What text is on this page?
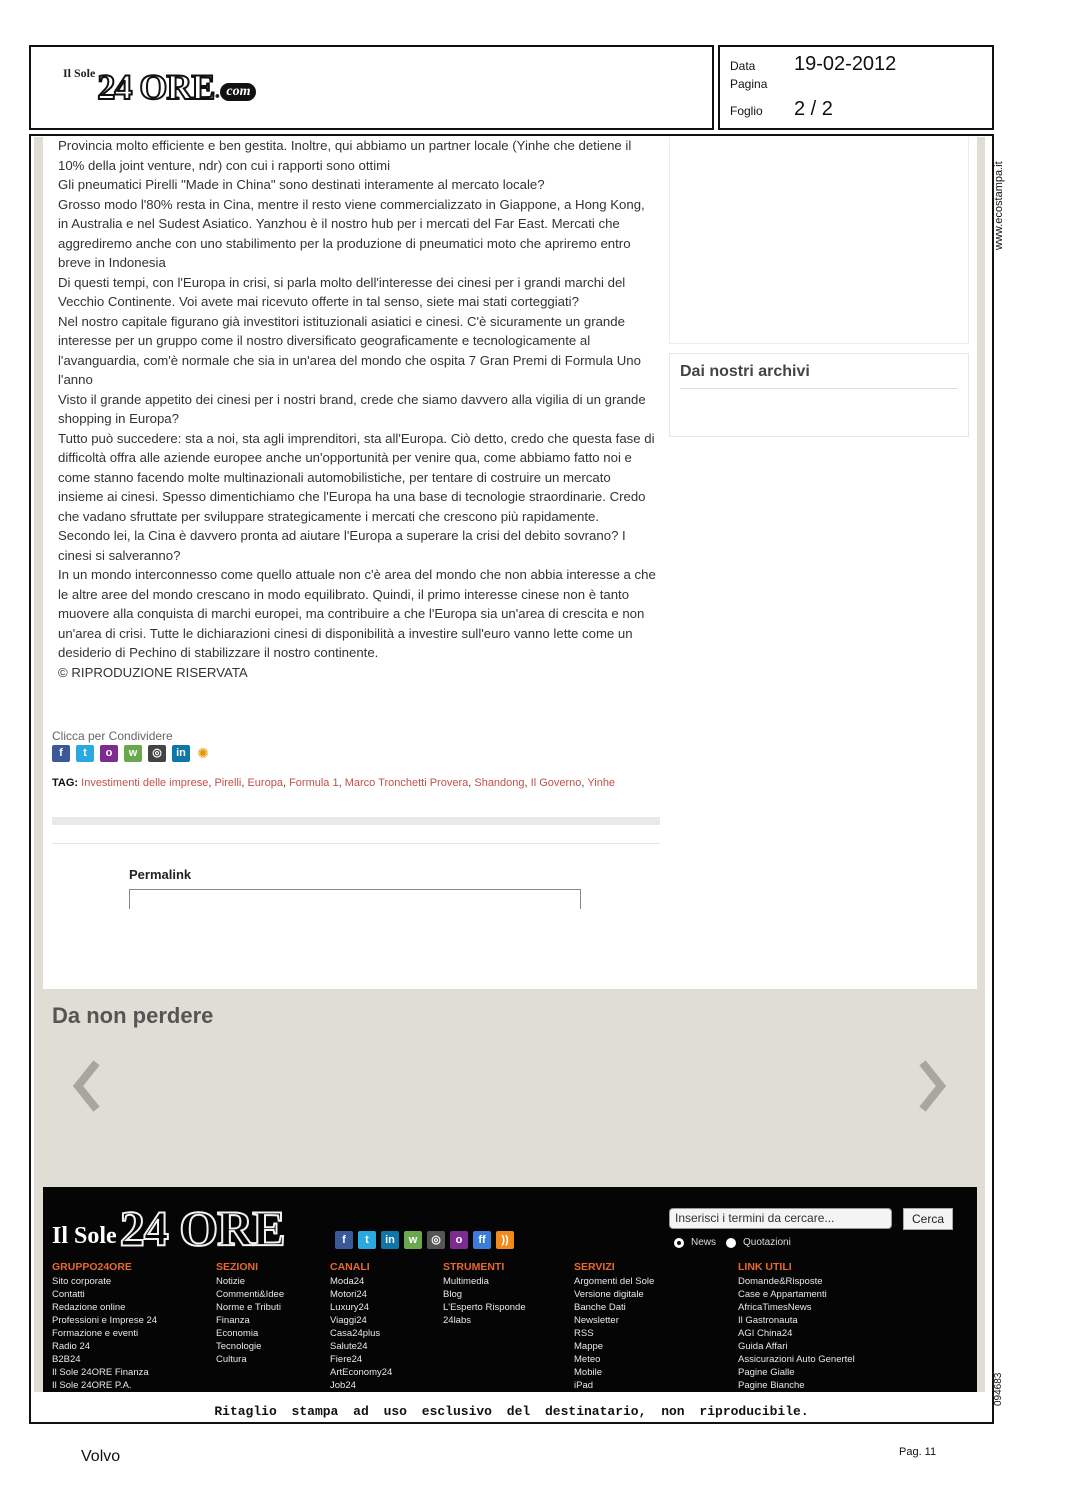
Il Sole 24 ORE . com
Data	19-02-2012
Pagina
Foglio	2 / 2
www.ecostampa.it
094683
Dai nostri archivi

Provincia molto efficiente e ben gestita. Inoltre, qui abbiamo un partner locale (Yinhe che detiene il 10% della joint venture, ndr) con cui i rapporti sono ottimi

Gli pneumatici Pirelli "Made in China" sono destinati interamente al mercato locale?

Grosso modo l'80% resta in Cina, mentre il resto viene commercializzato in Giappone, a Hong Kong, in Australia e nel Sudest Asiatico. Yanzhou è il nostro hub per i mercati del Far East. Mercati che aggrediremo anche con uno stabilimento per la produzione di pneumatici moto che apriremo entro breve in Indonesia

Di questi tempi, con l'Europa in crisi, si parla molto dell'interesse dei cinesi per i grandi marchi del Vecchio Continente. Voi avete mai ricevuto offerte in tal senso, siete mai stati corteggiati?

Nel nostro capitale figurano già investitori istituzionali asiatici e cinesi. C'è sicuramente un grande interesse per un gruppo come il nostro diversificato geograficamente e tecnologicamente al l'avanguardia, com'è normale che sia in un'area del mondo che ospita 7 Gran Premi di Formula Uno l'anno

Visto il grande appetito dei cinesi per i nostri brand, crede che siamo davvero alla vigilia di un grande shopping in Europa?

Tutto può succedere: sta a noi, sta agli imprenditori, sta all'Europa. Ciò detto, credo che questa fase di difficoltà offra alle aziende europee anche un'opportunità per venire qua, come abbiamo fatto noi e come stanno facendo molte multinazionali automobilistiche, per tentare di costruire un mercato insieme ai cinesi. Spesso dimentichiamo che l'Europa ha una base di tecnologie straordinarie. Credo che vadano sfruttate per sviluppare strategicamente i mercati che crescono più rapidamente.

Secondo lei, la Cina è davvero pronta ad aiutare l'Europa a superare la crisi del debito sovrano? I cinesi si salveranno?

In un mondo interconnesso come quello attuale non c'è area del mondo che non abbia interesse a che le altre aree del mondo crescano in modo equilibrato. Quindi, il primo interesse cinese non è tanto muovere alla conquista di marchi europei, ma contribuire a che l'Europa sia un'area di crescita e non un'area di crisi. Tutte le dichiarazioni cinesi di disponibilità a investire sull'euro vanno lette come un desiderio di Pechino di stabilizzare il nostro continente.

© RIPRODUZIONE RISERVATA

Clicca per Condividere
f	t	o	w	◎	in ✺
TAG: Investimenti delle imprese, Pirelli, Europa, Formula 1, Marco Tronchetti Provera, Shandong, Il Governo, Yinhe
Permalink
Da non perdere
Il Sole 24 ORE	f	t	in	w	◎	o	ff	))
Inserisci i termini da cercare...	Cerca
News	Quotazioni
GRUPPO24ORE
Sito corporate
Contatti
Redazione online
Professioni e Imprese 24
Formazione e eventi
Radio 24
B2B24
Il Sole 24ORE Finanza
Il Sole 24ORE P.A.
SEZIONI
Notizie
Commenti&Idee
Norme e Tributi
Finanza
Economia
Tecnologie
Cultura
CANALI
Moda24
Motori24
Luxury24
Viaggi24
Casa24plus
Salute24
Fiere24
ArtEconomy24
Job24
STRUMENTI
Multimedia
Blog
L'Esperto Risponde
24labs
SERVIZI
Argomenti del Sole
Versione digitale
Banche Dati
Newsletter
RSS
Mappe
Meteo
Mobile
iPad
LINK UTILI
Domande&Risposte
Case e Appartamenti
AfricaTimesNews
Il Gastronauta
AGI China24
Guida Affari
Assicurazioni Auto Genertel
Pagine Gialle
Pagine Bianche
Ritaglio stampa ad uso esclusivo del destinatario, non riproducibile.
Volvo	Pag. 11
